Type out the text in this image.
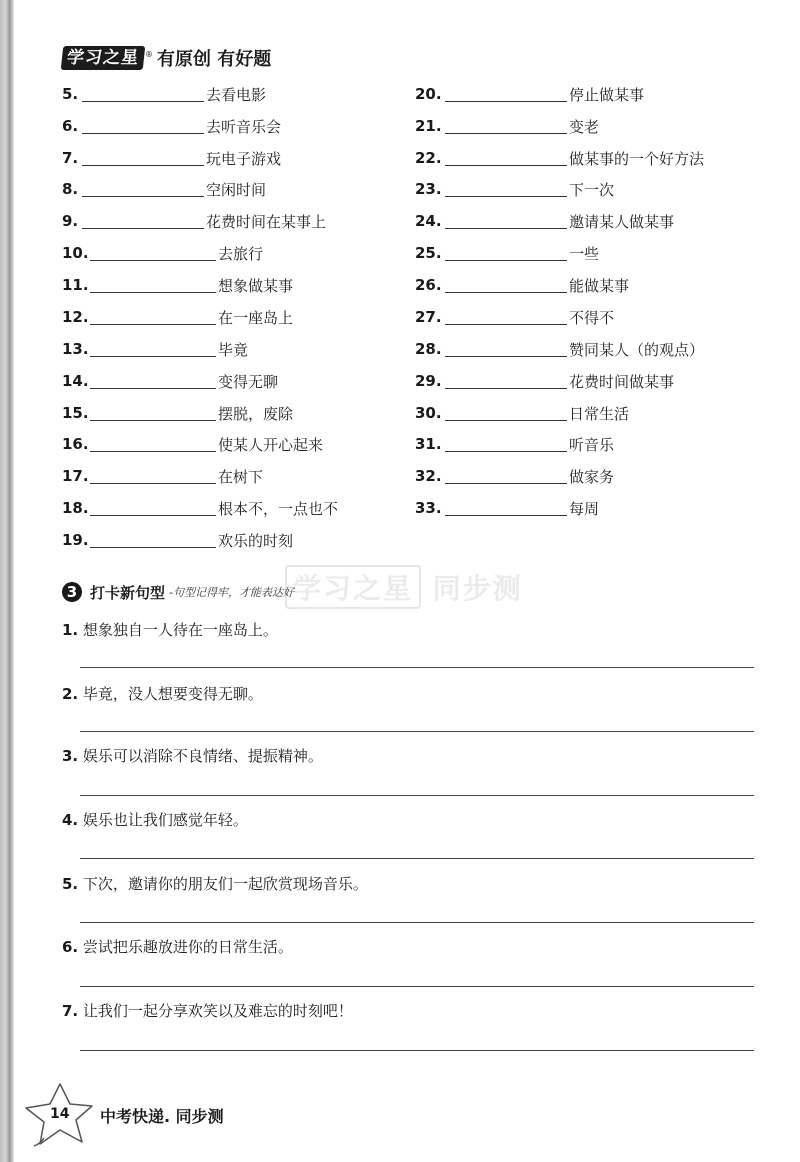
学习之星 ® 有原创 有好题
5.	去看电影
6.	去听音乐会
7.	玩电子游戏
8.	空闲时间
9.	花费时间在某事上
10.	去旅行
11.	想象做某事
12.	在一座岛上
13.	毕竟
14.	变得无聊
15.	摆脱，废除
16.	使某人开心起来
17.	在树下
18.	根本不，一点也不
19.	欢乐的时刻
20.	停止做某事
21.	变老
22.	做某事的一个好方法
23.	下一次
24.	邀请某人做某事
25.	一些
26.	能做某事
27.	不得不
28.	赞同某人（的观点）
29.	花费时间做某事
30.	日常生活
31.	听音乐
32.	做家务
33.	每周
学习之星 同步测
3 打卡新句型 -句型记得牢，才能表达好
1. 想象独自一人待在一座岛上。
2. 毕竟，没人想要变得无聊。
3. 娱乐可以消除不良情绪、提振精神。
4. 娱乐也让我们感觉年轻。
5. 下次，邀请你的朋友们一起欣赏现场音乐。
6. 尝试把乐趣放进你的日常生活。
7. 让我们一起分享欢笑以及难忘的时刻吧！
14 中考快递. 同步测
